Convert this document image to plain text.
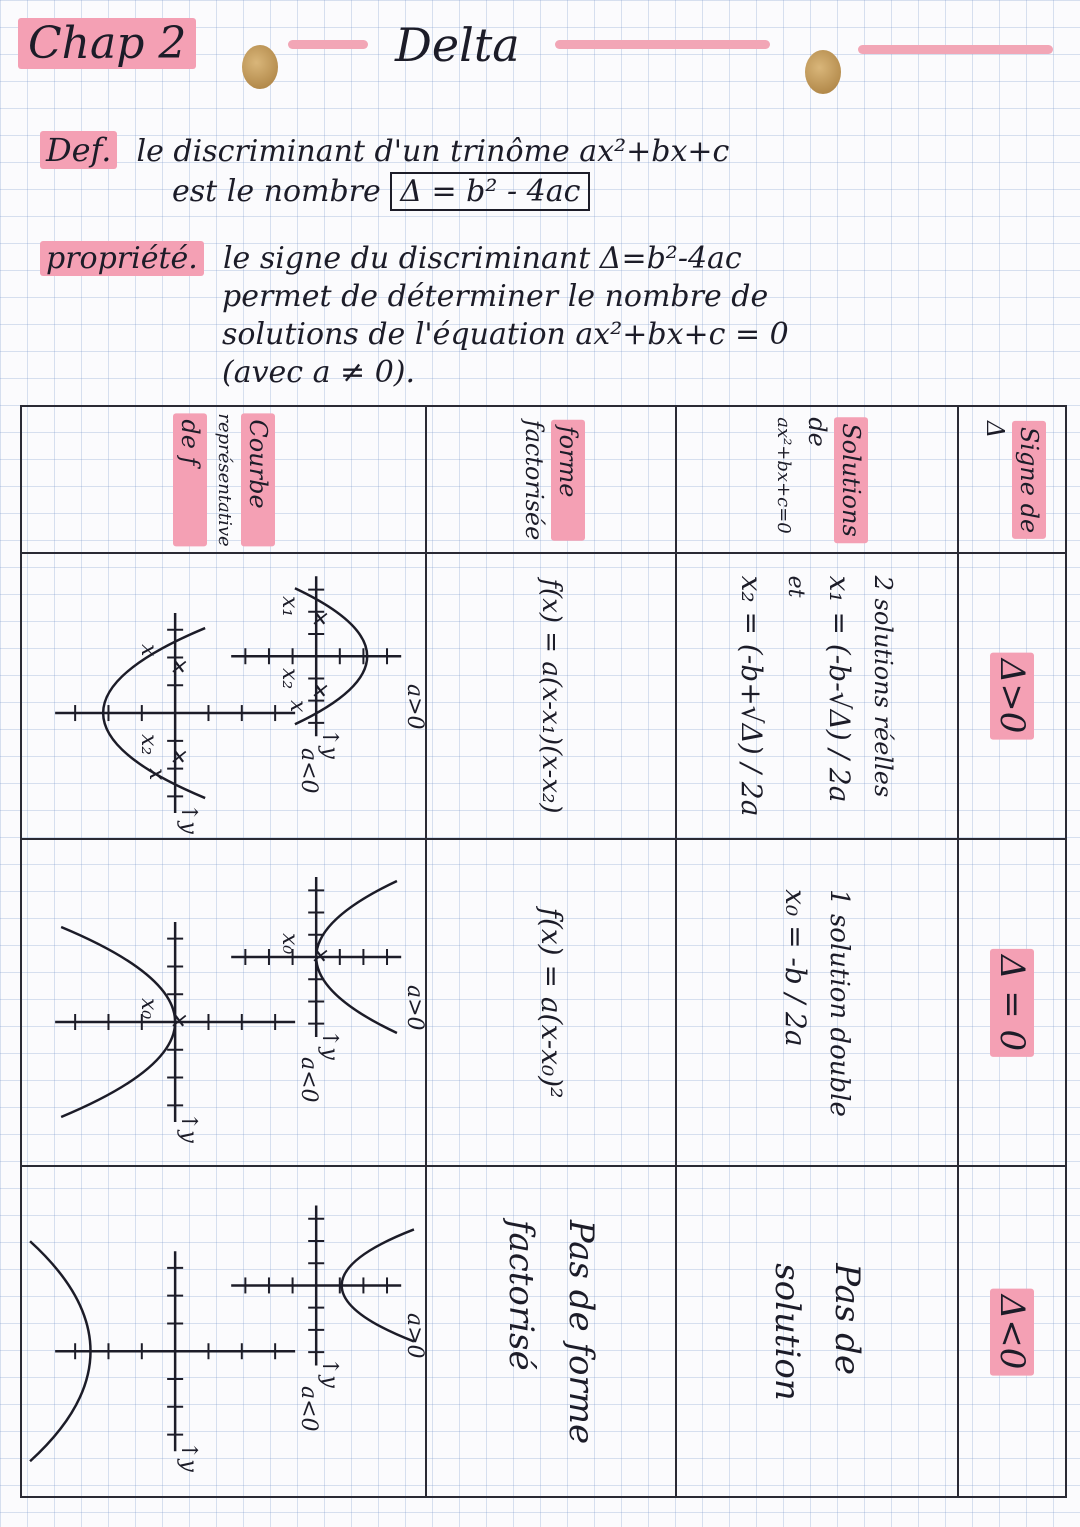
Chap 2	Delta
Def. le discriminant d'un trinôme ax²+bx+c
est le nombre Δ = b² - 4ac
propriété. le signe du discriminant Δ=b²-4ac
permet de déterminer le nombre de
solutions de l'équation ax²+bx+c = 0
(avec a ≠ 0).
Signe de
Δ
Solutions
de
ax²+bx+c=0
forme
factorisée
Courbe
représentative
de f
Δ>0
2 solutions réelles
x₁ = (-b-√Δ) / 2a
et
x₂ = (-b+√Δ) / 2a
f(x) = a(x-x₁)(x-x₂)
Δ = 0
1 solution double
x₀ = -b / 2a
f(x) = a(x-x₀)²
Δ<0
Pas de
solution
Pas de forme
factorisé
✕
✕
✕
✕
a>0
↑y
x
x₁
x₂
a<0
↑y
x
x
x₂
✕
✕	a>0
↑y
x₀
a<0
↑y
x₀
a>0
↑y
a<0
↑y
